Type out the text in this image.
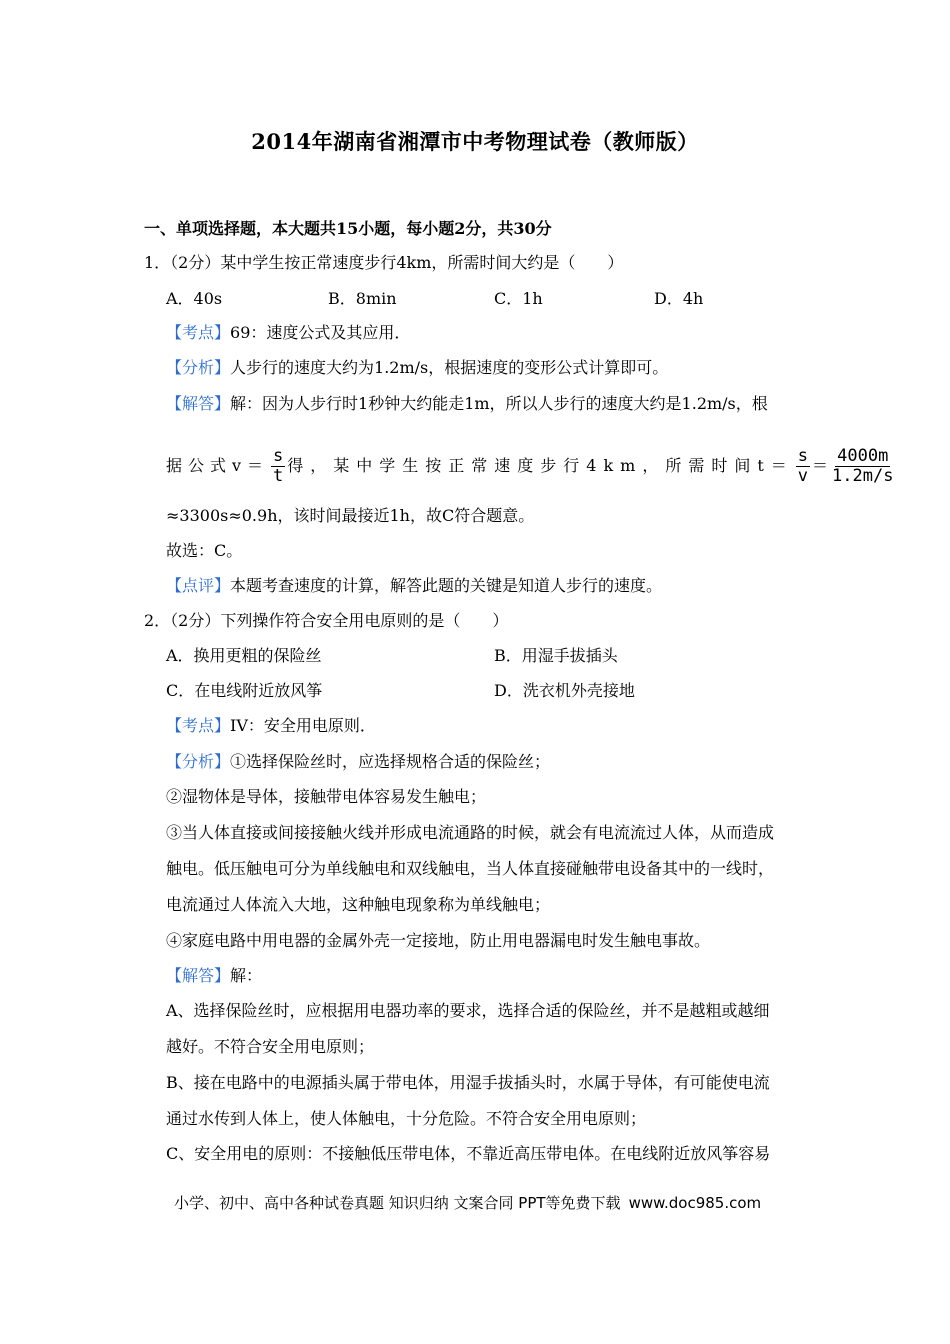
2014年湖南省湘潭市中考物理试卷（教师版）
一、单项选择题，本大题共15小题，每小题2分，共30分
1．（2分）某中学生按正常速度步行4km，所需时间大约是（　　）
A．40s	B．8min	C．1h	D．4h
【考点】69：速度公式及其应用．
【分析】人步行的速度大约为1.2m/s，根据速度的变形公式计算即可。
【解答】解：因为人步行时1秒钟大约能走1m，所以人步行的速度大约是1.2m/s，根
据公式$v= \frac{s}{t}$ 得，某中学生按正常速度步行4km，所需时间$t= \frac{s}{v} = \frac{4000m}{1.2m/s}$
≈3300s≈0.9h，该时间最接近1h，故C符合题意。
故选：C。
【点评】本题考查速度的计算，解答此题的关键是知道人步行的速度。
2．（2分）下列操作符合安全用电原则的是（　　）
A．换用更粗的保险丝	B．用湿手拔插头
C．在电线附近放风筝	D．洗衣机外壳接地
【考点】IV：安全用电原则．
【分析】①选择保险丝时，应选择规格合适的保险丝；
②湿物体是导体，接触带电体容易发生触电；
③当人体直接或间接接触火线并形成电流通路的时候，就会有电流流过人体，从而造成
触电。低压触电可分为单线触电和双线触电，当人体直接碰触带电设备其中的一线时，
电流通过人体流入大地，这种触电现象称为单线触电；
④家庭电路中用电器的金属外壳一定接地，防止用电器漏电时发生触电事故。
【解答】解：
A、选择保险丝时，应根据用电器功率的要求，选择合适的保险丝，并不是越粗或越细
越好。不符合安全用电原则；
B、接在电路中的电源插头属于带电体，用湿手拔插头时，水属于导体，有可能使电流
通过水传到人体上，使人体触电，十分危险。不符合安全用电原则；
C、安全用电的原则：不接触低压带电体，不靠近高压带电体。在电线附近放风筝容易
小学、初中、高中各种试卷真题 知识归纳 文案合同 PPT等免费下载 www.doc985.com
